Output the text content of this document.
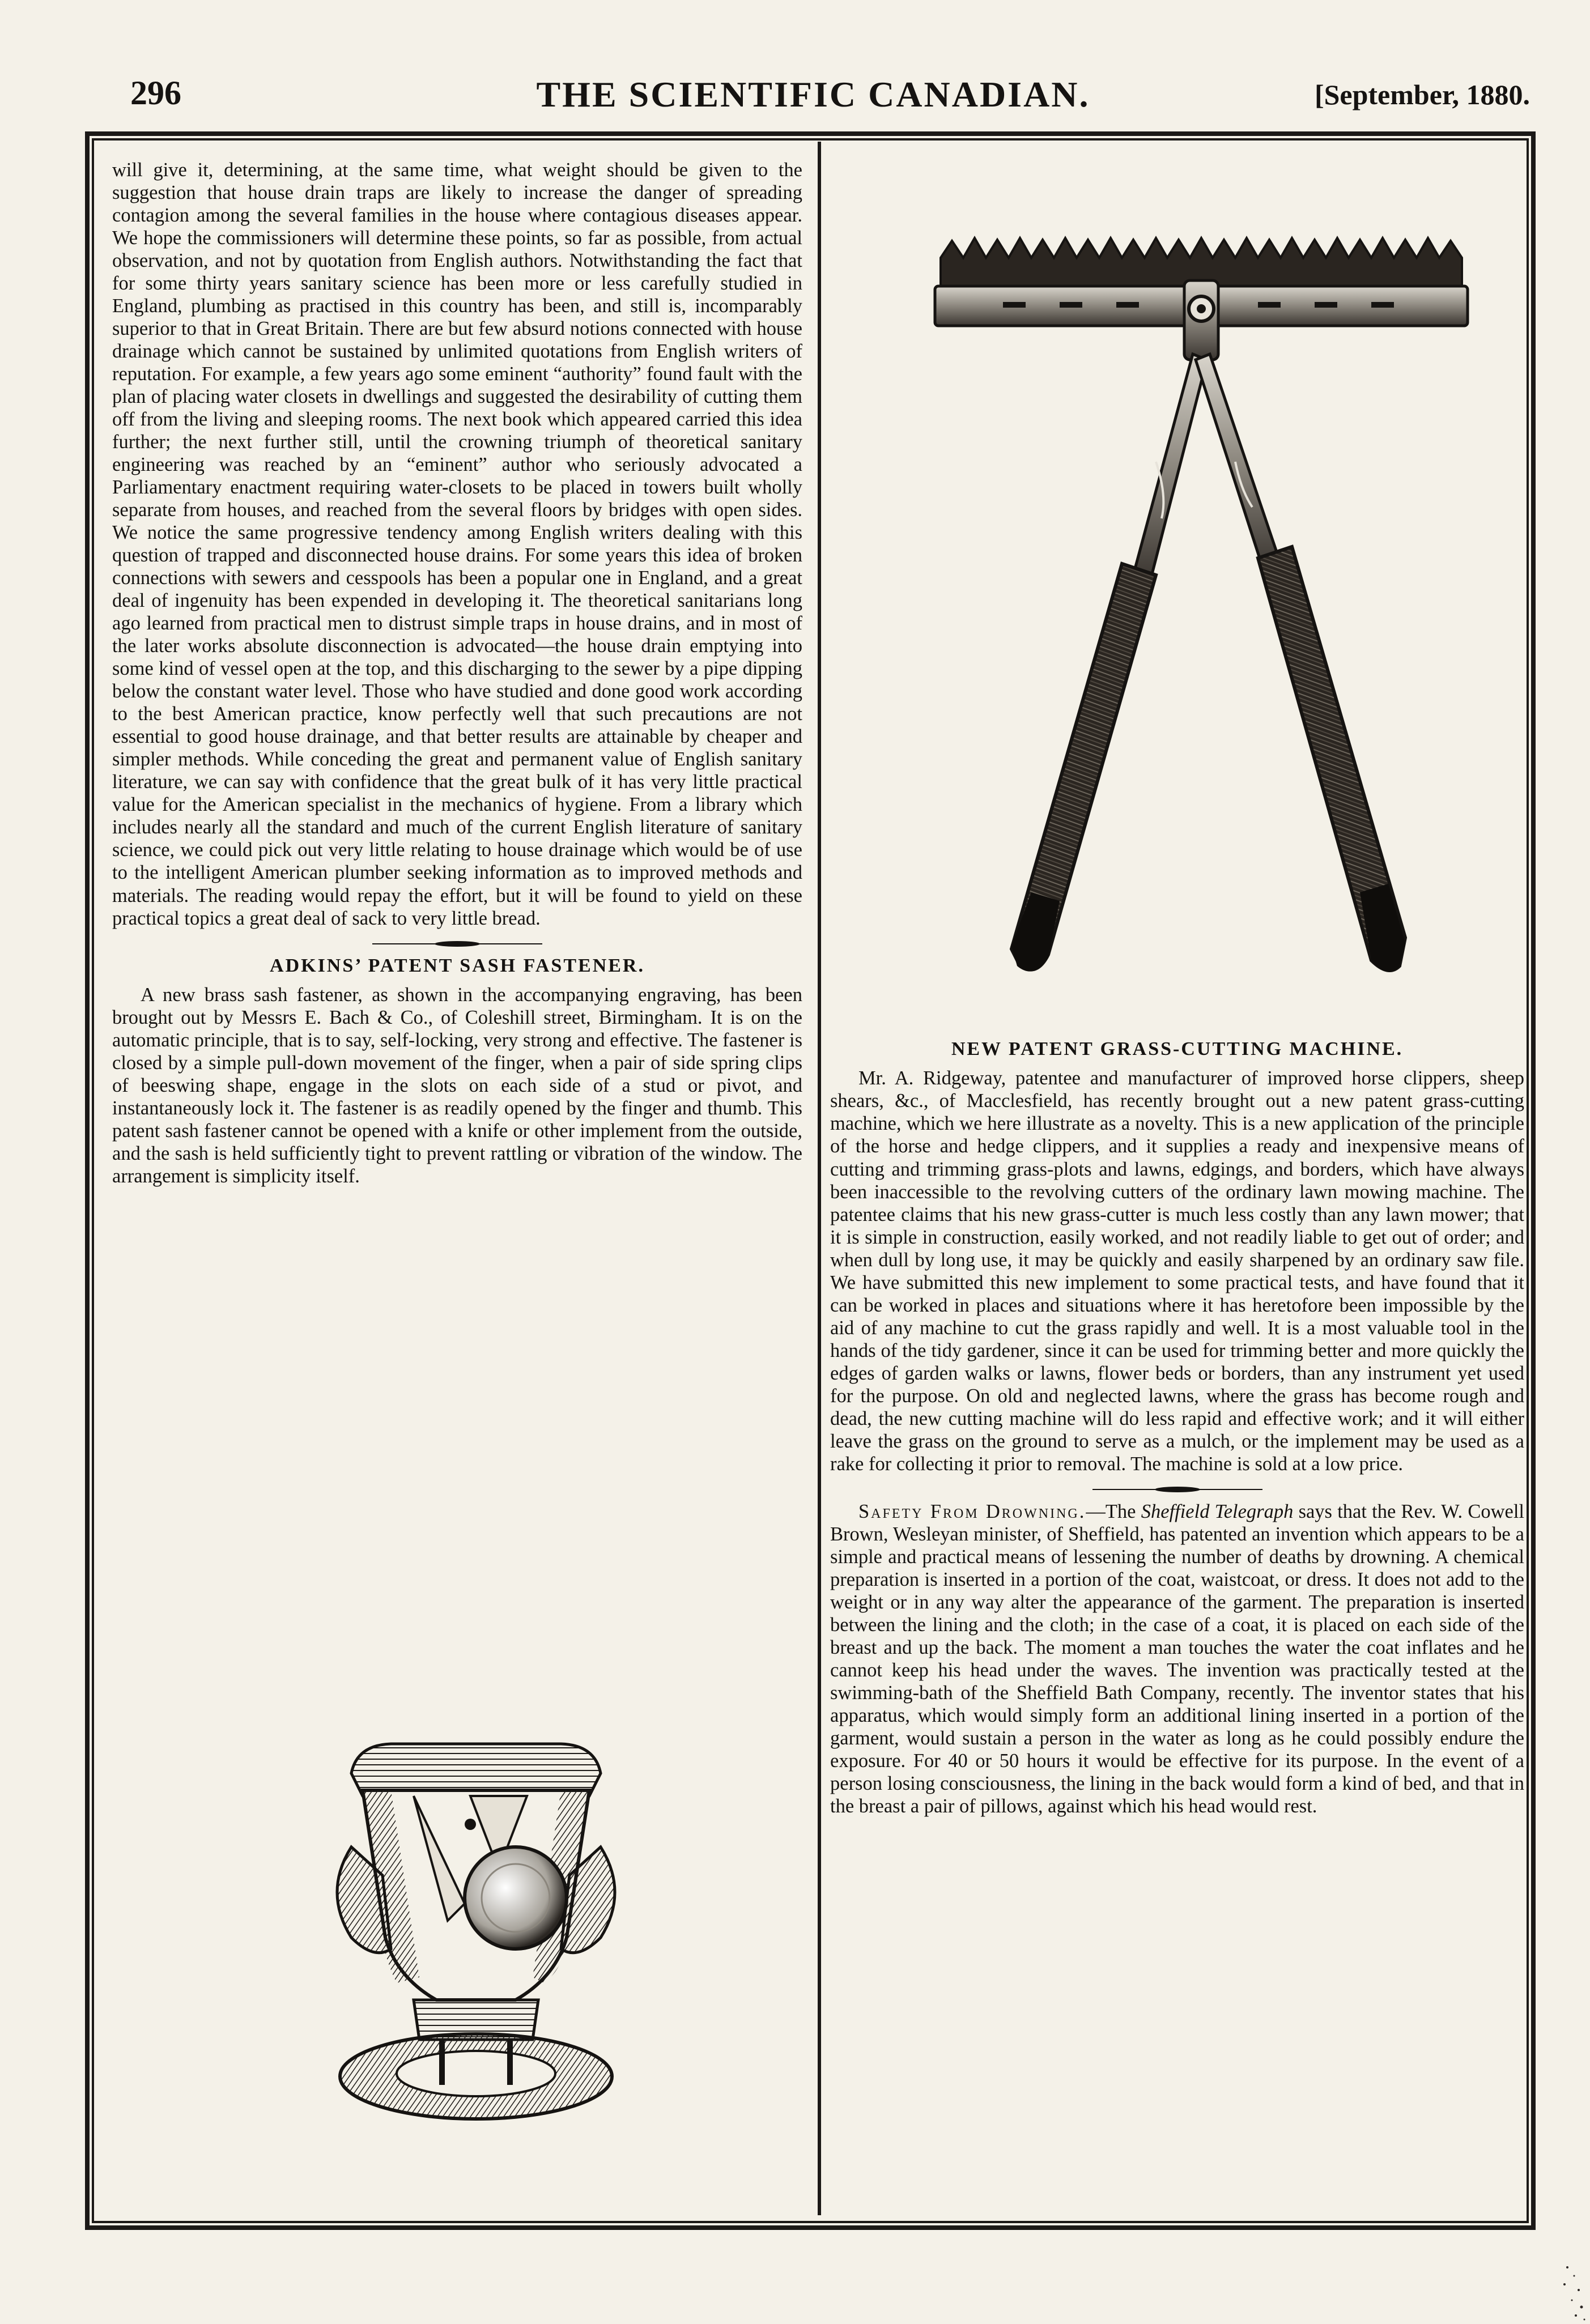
296	THE SCIENTIFIC CANADIAN.	[September, 1880.

will give it, determining, at the same time, what weight should be given to the suggestion that house drain traps are likely to increase the danger of spreading contagion among the several families in the house where contagious diseases appear. We hope the commissioners will determine these points, so far as possible, from actual observation, and not by quotation from English authors. Notwithstanding the fact that for some thirty years sanitary science has been more or less carefully studied in England, plumbing as practised in this country has been, and still is, incomparably superior to that in Great Britain. There are but few absurd notions connected with house drainage which cannot be sustained by unlimited quotations from English writers of reputation. For example, a few years ago some eminent “authority” found fault with the plan of placing water closets in dwellings and suggested the desirability of cutting them off from the living and sleeping rooms. The next book which appeared carried this idea further; the next further still, until the crowning triumph of theoretical sanitary engineering was reached by an “eminent” author who seriously advocated a Parliamentary enactment requiring water-closets to be placed in towers built wholly separate from houses, and reached from the several floors by bridges with open sides. We notice the same progressive tendency among English writers dealing with this question of trapped and disconnected house drains. For some years this idea of broken connections with sewers and cesspools has been a popular one in England, and a great deal of ingenuity has been expended in developing it. The theoretical sanitarians long ago learned from practical men to distrust simple traps in house drains, and in most of the later works absolute disconnection is advocated—the house drain emptying into some kind of vessel open at the top, and this discharging to the sewer by a pipe dipping below the constant water level. Those who have studied and done good work according to the best American practice, know perfectly well that such precautions are not essential to good house drainage, and that better results are attainable by cheaper and simpler methods. While conceding the great and permanent value of English sanitary literature, we can say with confidence that the great bulk of it has very little practical value for the American specialist in the mechanics of hygiene. From a library which includes nearly all the standard and much of the current English literature of sanitary science, we could pick out very little relating to house drainage which would be of use to the intelligent American plumber seeking information as to improved methods and materials. The reading would repay the effort, but it will be found to yield on these practical topics a great deal of sack to very little bread.

ADKINS’ PATENT SASH FASTENER.

A new brass sash fastener, as shown in the accompanying engraving, has been brought out by Messrs E. Bach & Co., of Coleshill street, Birmingham. It is on the automatic principle, that is to say, self-locking, very strong and effective. The fastener is closed by a simple pull-down movement of the finger, when a pair of side spring clips of beeswing shape, engage in the slots on each side of a stud or pivot, and instantaneously lock it. The fastener is as readily opened by the finger and thumb. This patent sash fastener cannot be opened with a knife or other implement from the outside, and the sash is held sufficiently tight to prevent rattling or vibration of the window. The arrangement is simplicity itself.

NEW PATENT GRASS-CUTTING MACHINE.

Mr. A. Ridgeway, patentee and manufacturer of improved horse clippers, sheep shears, &c., of Macclesfield, has recently brought out a new patent grass-cutting machine, which we here illustrate as a novelty. This is a new application of the principle of the horse and hedge clippers, and it supplies a ready and inexpensive means of cutting and trimming grass-plots and lawns, edgings, and borders, which have always been inaccessible to the revolving cutters of the ordinary lawn mowing machine. The patentee claims that his new grass-cutter is much less costly than any lawn mower; that it is simple in construction, easily worked, and not readily liable to get out of order; and when dull by long use, it may be quickly and easily sharpened by an ordinary saw file. We have submitted this new implement to some practical tests, and have found that it can be worked in places and situations where it has heretofore been impossible by the aid of any machine to cut the grass rapidly and well. It is a most valuable tool in the hands of the tidy gardener, since it can be used for trimming better and more quickly the edges of garden walks or lawns, flower beds or borders, than any instrument yet used for the purpose. On old and neglected lawns, where the grass has become rough and dead, the new cutting machine will do less rapid and effective work; and it will either leave the grass on the ground to serve as a mulch, or the implement may be used as a rake for collecting it prior to removal. The machine is sold at a low price.

Safety From Drowning.—The Sheffield Telegraph says that the Rev. W. Cowell Brown, Wesleyan minister, of Sheffield, has patented an invention which appears to be a simple and practical means of lessening the number of deaths by drowning. A chemical preparation is inserted in a portion of the coat, waistcoat, or dress. It does not add to the weight or in any way alter the appearance of the garment. The preparation is inserted between the lining and the cloth; in the case of a coat, it is placed on each side of the breast and up the back. The moment a man touches the water the coat inflates and he cannot keep his head under the waves. The invention was practically tested at the swimming-bath of the Sheffield Bath Company, recently. The inventor states that his apparatus, which would simply form an additional lining inserted in a portion of the garment, would sustain a person in the water as long as he could possibly endure the exposure. For 40 or 50 hours it would be effective for its purpose. In the event of a person losing consciousness, the lining in the back would form a kind of bed, and that in the breast a pair of pillows, against which his head would rest.
